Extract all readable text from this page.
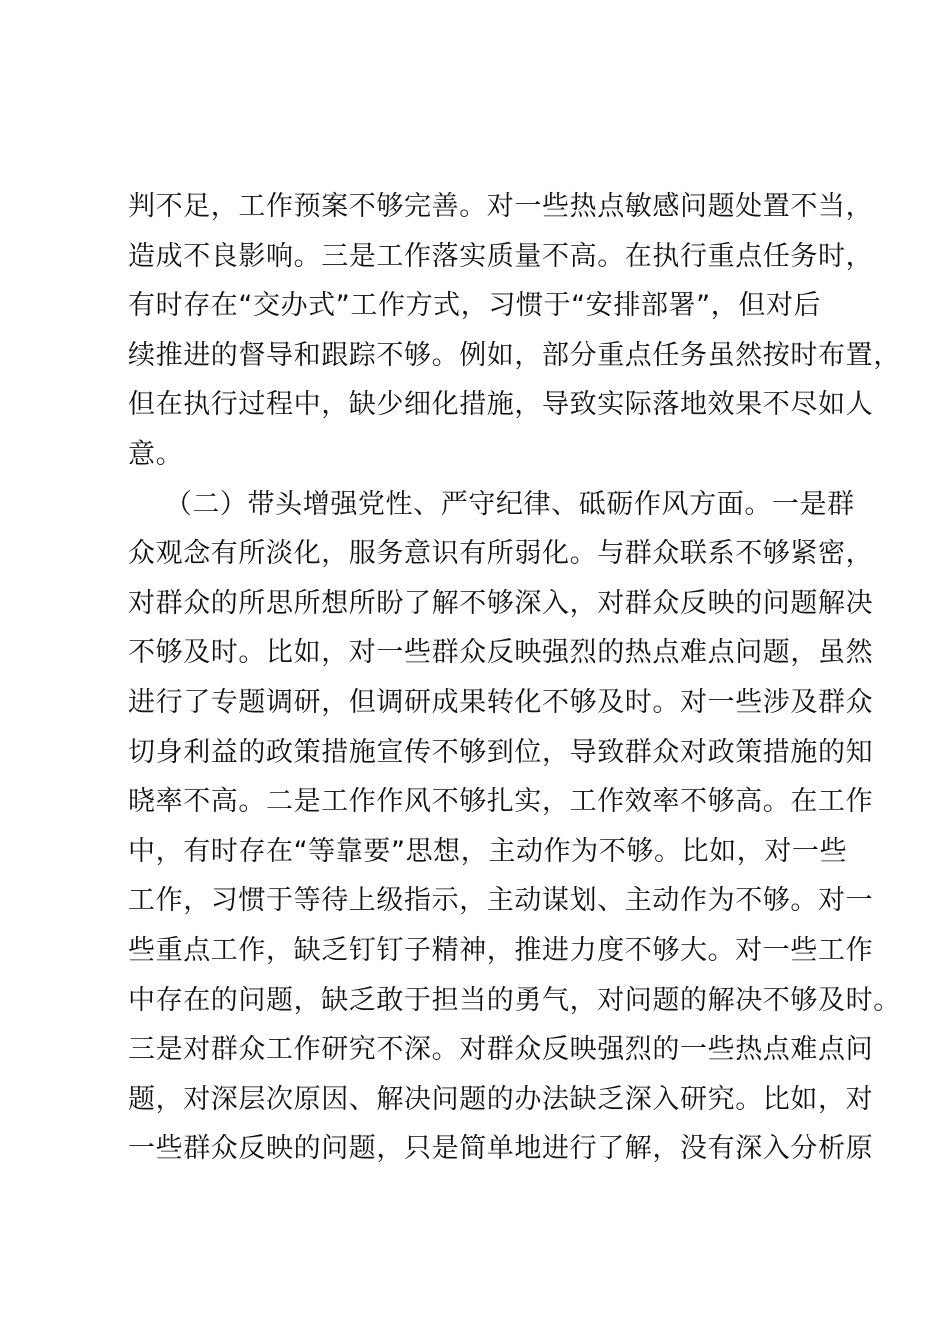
判不足，工作预案不够完善。对一些热点敏感问题处置不当，
造成不良影响。三是工作落实质量不高。在执行重点任务时，
有时存在“交办式”工作方式，习惯于“安排部署”，但对后
续推进的督导和跟踪不够。例如，部分重点任务虽然按时布置，
但在执行过程中，缺少细化措施，导致实际落地效果不尽如人
意。
（二）带头增强党性、严守纪律、砥砺作风方面。一是群
众观念有所淡化，服务意识有所弱化。与群众联系不够紧密，
对群众的所思所想所盼了解不够深入，对群众反映的问题解决
不够及时。比如，对一些群众反映强烈的热点难点问题，虽然
进行了专题调研，但调研成果转化不够及时。对一些涉及群众
切身利益的政策措施宣传不够到位，导致群众对政策措施的知
晓率不高。二是工作作风不够扎实，工作效率不够高。在工作
中，有时存在“等靠要”思想，主动作为不够。比如，对一些
工作，习惯于等待上级指示，主动谋划、主动作为不够。对一
些重点工作，缺乏钉钉子精神，推进力度不够大。对一些工作
中存在的问题，缺乏敢于担当的勇气，对问题的解决不够及时。
三是对群众工作研究不深。对群众反映强烈的一些热点难点问
题，对深层次原因、解决问题的办法缺乏深入研究。比如，对
一些群众反映的问题，只是简单地进行了解，没有深入分析原
